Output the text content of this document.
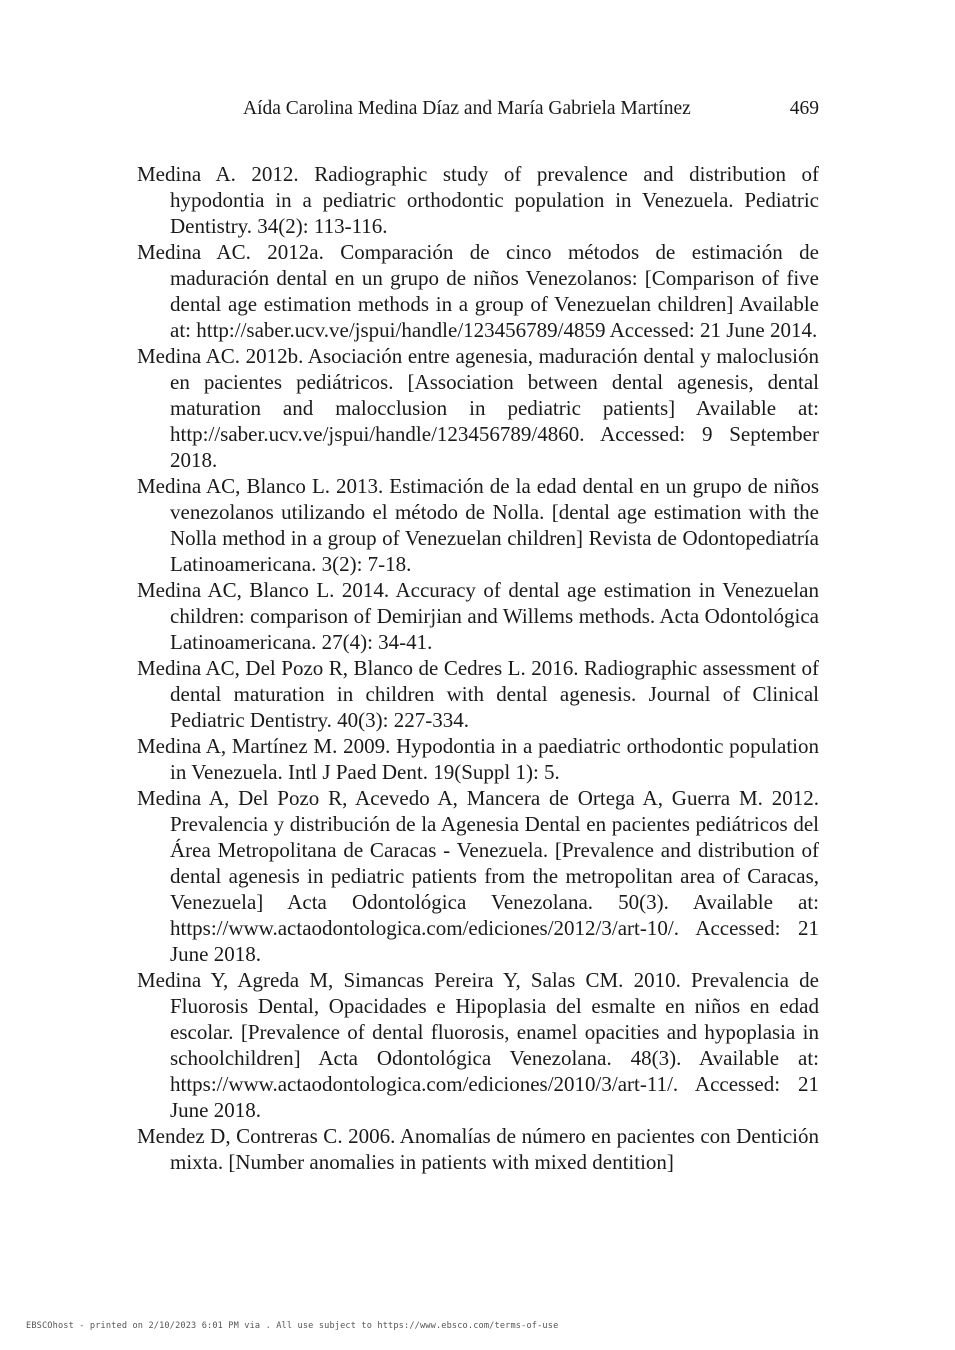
Aída Carolina Medina Díaz and María Gabriela Martínez	469

Medina A. 2012. Radiographic study of prevalence and distribution of hypodontia in a pediatric orthodontic population in Venezuela. Pediatric Dentistry. 34(2): 113-116.

Medina AC. 2012a. Comparación de cinco métodos de estimación de maduración dental en un grupo de niños Venezolanos: [Comparison of five dental age estimation methods in a group of Venezuelan children] Available at: http://saber.ucv.ve/jspui/handle/123456789/4859 Accessed: 21 June 2014.

Medina AC. 2012b. Asociación entre agenesia, maduración dental y maloclusión en pacientes pediátricos. [Association between dental agenesis, dental maturation and malocclusion in pediatric patients] Available at: http://saber.ucv.ve/jspui/handle/123456789/4860. Accessed: 9 September 2018.

Medina AC, Blanco L. 2013. Estimación de la edad dental en un grupo de niños venezolanos utilizando el método de Nolla. [dental age estimation with the Nolla method in a group of Venezuelan children] Revista de Odontopediatría Latinoamericana. 3(2): 7-18.

Medina AC, Blanco L. 2014. Accuracy of dental age estimation in Venezuelan children: comparison of Demirjian and Willems methods. Acta Odontológica Latinoamericana. 27(4): 34-41.

Medina AC, Del Pozo R, Blanco de Cedres L. 2016. Radiographic assessment of dental maturation in children with dental agenesis. Journal of Clinical Pediatric Dentistry. 40(3): 227-334.

Medina A, Martínez M. 2009. Hypodontia in a paediatric orthodontic population in Venezuela. Intl J Paed Dent. 19(Suppl 1): 5.

Medina A, Del Pozo R, Acevedo A, Mancera de Ortega A, Guerra M. 2012. Prevalencia y distribución de la Agenesia Dental en pacientes pediátricos del Área Metropolitana de Caracas - Venezuela. [Prevalence and distribution of dental agenesis in pediatric patients from the metropolitan area of Caracas, Venezuela] Acta Odontológica Venezolana. 50(3). Available at: https://www.actaodontologica.com/ediciones/2012/3/art-10/. Accessed: 21 June 2018.

Medina Y, Agreda M, Simancas Pereira Y, Salas CM. 2010. Prevalencia de Fluorosis Dental, Opacidades e Hipoplasia del esmalte en niños en edad escolar. [Prevalence of dental fluorosis, enamel opacities and hypoplasia in schoolchildren] Acta Odontológica Venezolana. 48(3). Available at: https://www.actaodontologica.com/ediciones/2010/3/art-11/. Accessed: 21 June 2018.

Mendez D, Contreras C. 2006. Anomalías de número en pacientes con Dentición mixta. [Number anomalies in patients with mixed dentition]

EBSCOhost - printed on 2/10/2023 6:01 PM via . All use subject to https://www.ebsco.com/terms-of-use
